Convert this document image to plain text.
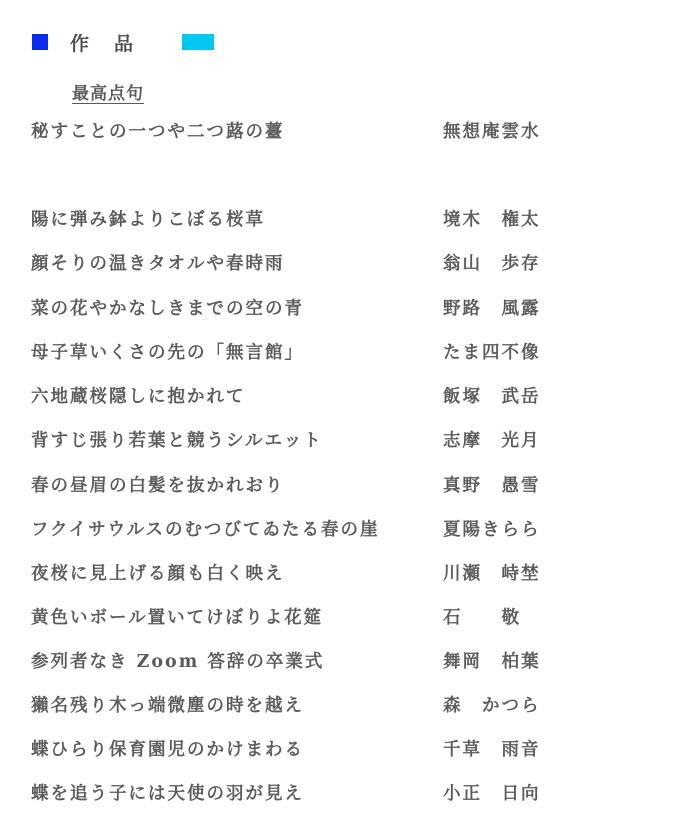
作品
最高点句
秘すことの一つや二つ蕗の薹	無想庵雲水
陽に弾み鉢よりこぼる桜草	境木　権太
顔そりの温きタオルや春時雨	翁山　歩存
菜の花やかなしきまでの空の青	野路　風露
母子草いくさの先の「無言館」	たま四不像
六地蔵桜隠しに抱かれて	飯塚　武岳
背すじ張り若葉と競うシルエット	志摩　光月
春の昼眉の白髪を抜かれおり	真野　愚雪
フクイサウルスのむつびてゐたる春の崖	夏陽きらら
夜桜に見上げる顔も白く映え	川瀬　峙埜
黄色いボール置いてけぼりよ花筵	石　　敬
参列者なき Zoom 答辞の卒業式	舞岡　柏葉
獺名残り木っ端微塵の時を越え	森　かつら
蝶ひらり保育園児のかけまわる	千草　雨音
蝶を追う子には天使の羽が見え	小正　日向
